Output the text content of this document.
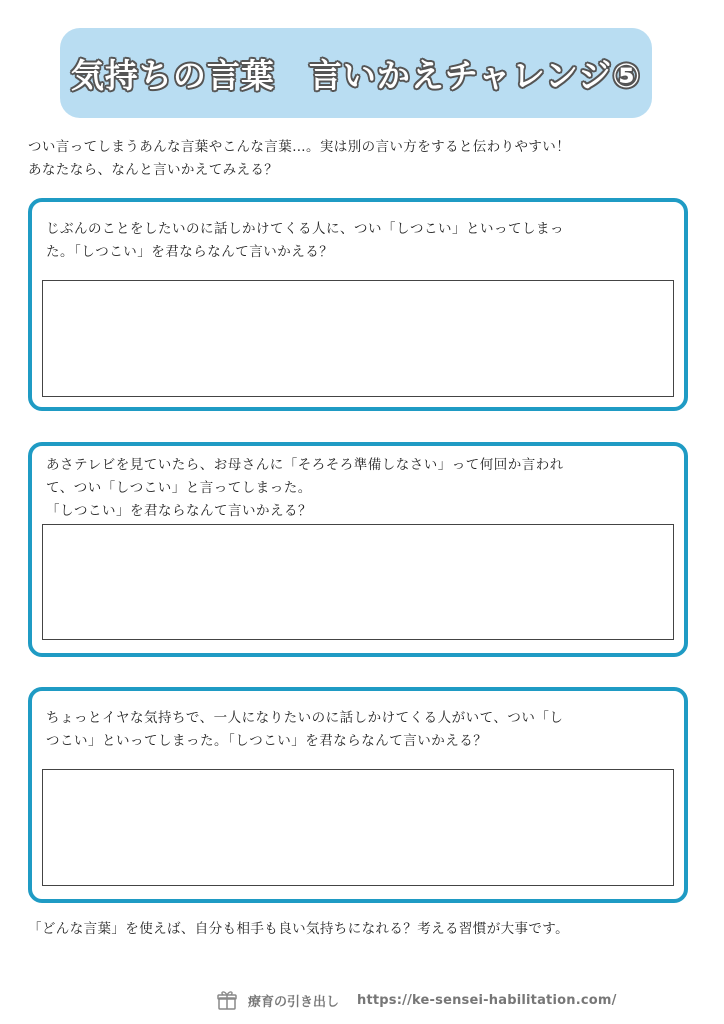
気持ちの言葉　言いかえチャレンジ⑤

つい言ってしまうあんな言葉やこんな言葉…。実は別の言い方をすると伝わりやすい！

あなたなら、なんと言いかえてみえる？

じぶんのことをしたいのに話しかけてくる人に、つい「しつこい」といってしまっ

た。「しつこい」を君ならなんて言いかえる？

あさテレビを見ていたら、お母さんに「そろそろ準備しなさい」って何回か言われ

て、つい「しつこい」と言ってしまった。

「しつこい」を君ならなんて言いかえる？

ちょっとイヤな気持ちで、一人になりたいのに話しかけてくる人がいて、つい「し

つこい」といってしまった。「しつこい」を君ならなんて言いかえる？

「どんな言葉」を使えば、自分も相手も良い気持ちになれる？考える習慣が大事です。
療育の引き出し https://ke-sensei-habilitation.com/
